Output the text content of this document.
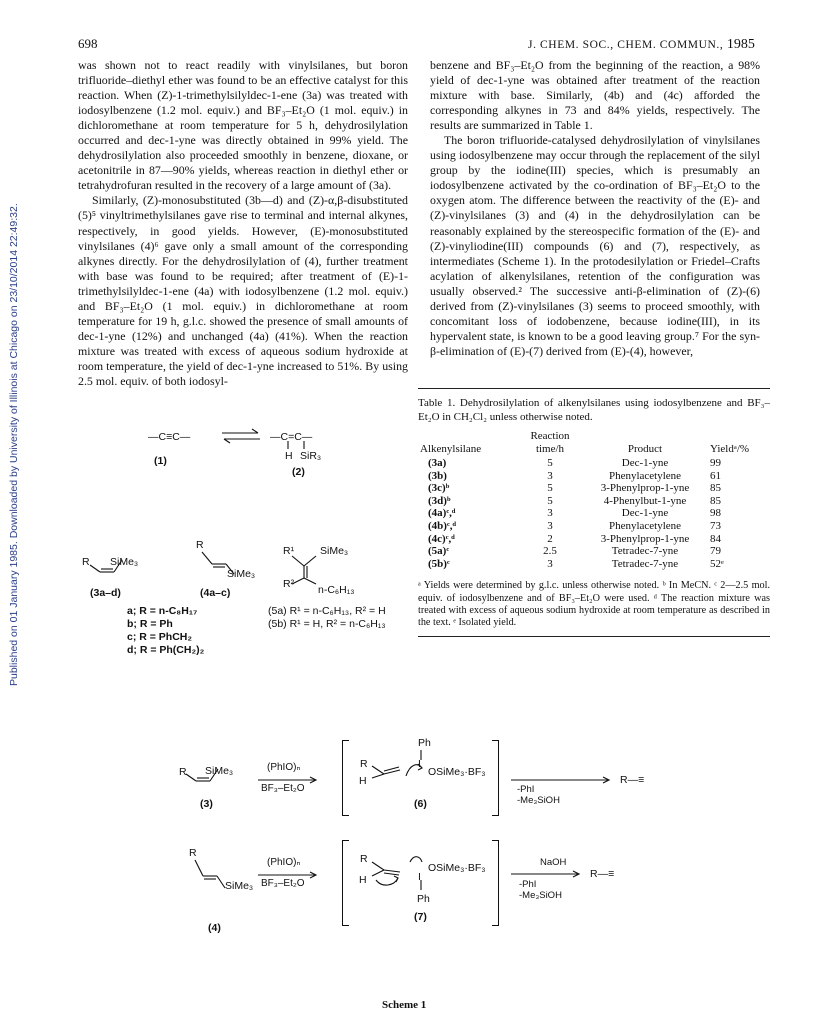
698	J. CHEM. SOC., CHEM. COMMUN., 1985
Published on 01 January 1985. Downloaded by University of Illinois at Chicago on 23/10/2014 22:49:32.

was shown not to react readily with vinylsilanes, but boron trifluoride–diethyl ether was found to be an effective catalyst for this reaction. When (Z)-1-trimethylsilyldec-1-ene (3a) was treated with iodosylbenzene (1.2 mol. equiv.) and BF₃–Et₂O (1 mol. equiv.) in dichloromethane at room temperature for 5 h, dehydrosilylation occurred and dec-1-yne was directly obtained in 99% yield. The dehydrosilylation also proceeded smoothly in benzene, dioxane, or acetonitrile in 87—90% yields, whereas reaction in diethyl ether or tetrahydrofuran resulted in the recovery of a large amount of (3a).

Similarly, (Z)-monosubstituted (3b—d) and (Z)-α,β-disubstituted (5)⁵ vinyltrimethylsilanes gave rise to terminal and internal alkynes, respectively, in good yields. However, (E)-monosubstituted vinylsilanes (4)⁶ gave only a small amount of the corresponding alkynes directly. For the dehydrosilylation of (4), further treatment with base was found to be required; after treatment of (E)-1-trimethylsilyldec-1-ene (4a) with iodosylbenzene (1.2 mol. equiv.) and BF₃–Et₂O (1 mol. equiv.) in dichloromethane at room temperature for 19 h, g.l.c. showed the presence of small amounts of dec-1-yne (12%) and unchanged (4a) (41%). When the reaction mixture was treated with excess of aqueous sodium hydroxide at room temperature, the yield of dec-1-yne increased to 51%. By using 2.5 mol. equiv. of both iodosyl-

benzene and BF₃–Et₂O from the beginning of the reaction, a 98% yield of dec-1-yne was obtained after treatment of the reaction mixture with base. Similarly, (4b) and (4c) afforded the corresponding alkynes in 73 and 84% yields, respectively. The results are summarized in Table 1.

The boron trifluoride-catalysed dehydrosilylation of vinylsilanes using iodosylbenzene may occur through the replacement of the silyl group by the iodine(III) species, which is presumably an iodosylbenzene activated by the co-ordination of BF₃–Et₂O to the oxygen atom. The difference between the reactivity of the (E)- and (Z)-vinylsilanes (3) and (4) in the dehydrosilylation can be reasonably explained by the stereospecific formation of the (E)- and (Z)-vinyliodine(III) compounds (6) and (7), respectively, as intermediates (Scheme 1). In the protodesilylation or Friedel–Crafts acylation of alkenylsilanes, retention of the configuration was usually observed.² The successive anti-β-elimination of (Z)-(6) derived from (Z)-vinylsilanes (3) seems to proceed smoothly, with concomitant loss of iodobenzene, because iodine(III), in its hypervalent state, is known to be a good leaving group.⁷ For the syn-β-elimination of (E)-(7) derived from (E)-(4), however,

Table 1. Dehydrosilylation of alkenylsilanes using iodosylbenzene and BF₃–Et₂O in CH₂Cl₂ unless otherwise noted.
	Reaction		
Alkenylsilane	time/h	Product	Yieldᵃ/%
(3a)	5	Dec-1-yne	99
(3b)	3	Phenylacetylene	61
(3c)ᵇ	5	3-Phenylprop-1-yne	85
(3d)ᵇ	5	4-Phenylbut-1-yne	85
(4a)ᶜ,ᵈ	3	Dec-1-yne	98
(4b)ᶜ,ᵈ	3	Phenylacetylene	73
(4c)ᶜ,ᵈ	2	3-Phenylprop-1-yne	84
(5a)ᶜ	2.5	Tetradec-7-yne	79
(5b)ᶜ	3	Tetradec-7-yne	52ᵉ
ᵃ Yields were determined by g.l.c. unless otherwise noted. ᵇ In MeCN. ᶜ 2—2.5 mol. equiv. of iodosylbenzene and of BF₃–Et₂O were used. ᵈ The reaction mixture was treated with excess of aqueous sodium hydroxide at room temperature as described in the text. ᵉ Isolated yield.
—C≡C— ⇌ —C=C—
H SiR₃
(1)
(2)
R SiMe₃
(3a–d)
R
SiMe₃
(4a–c)
R¹ SiMe₃
R² n-C₆H₁₃
a; R = n-C₈H₁₇
b; R = Ph
c; R = PhCH₂
d; R = Ph(CH₂)₂
(5a) R¹ = n-C₆H₁₃, R² = H
(5b) R¹ = H, R² = n-C₆H₁₃
R SiMe₃
(3)
(PhIO)ₙ
BF₃–Et₂O
Ph
R
H
I
OSiMe₃·BF₃
(6)
-PhI
-Me₃SiOH
R—≡
R
SiMe₃
(4)
(PhIO)ₙ
BF₃–Et₂O
R
H	I
OSiMe₃·BF₃
Ph
(7)
NaOH
-PhI
-Me₃SiOH
R—≡
Scheme 1
